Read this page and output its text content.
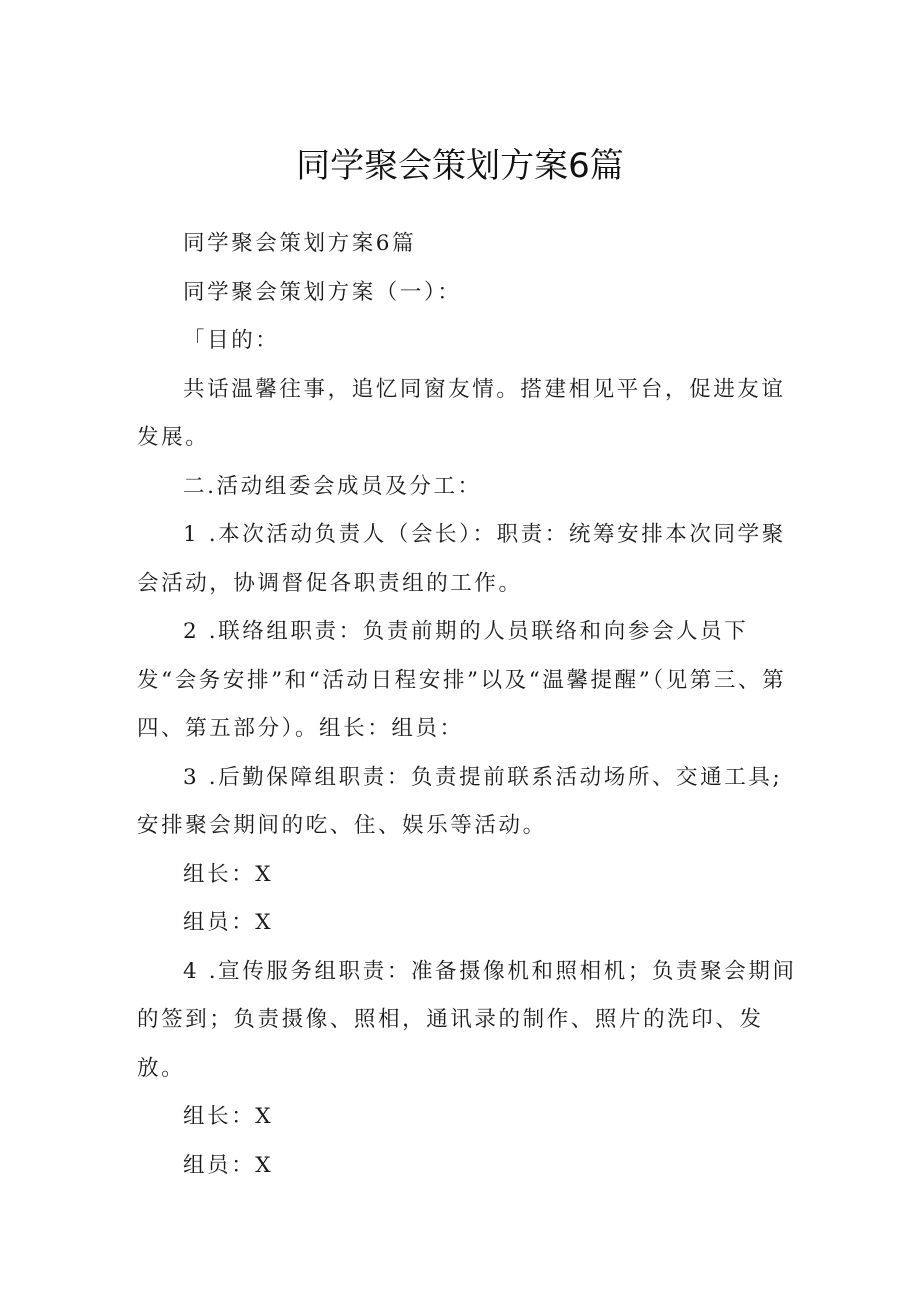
同学聚会策划方案6篇

同学聚会策划方案6篇

同学聚会策划方案（一）：

「目的：

共话温馨往事，追忆同窗友情。搭建相见平台，促进友谊发展。

二.活动组委会成员及分工：

1 .本次活动负责人（会长）：职责：统筹安排本次同学聚会活动，协调督促各职责组的工作。

2 .联络组职责：负责前期的人员联络和向参会人员下发“会务安排”和“活动日程安排”以及“温馨提醒”（见第三、第四、第五部分）。组长：组员：

3 .后勤保障组职责：负责提前联系活动场所、交通工具;安排聚会期间的吃、住、娱乐等活动。

组长：X

组员：X

4 .宣传服务组职责：准备摄像机和照相机；负责聚会期间的签到；负责摄像、照相，通讯录的制作、照片的洗印、发放。

组长：X

组员：X
